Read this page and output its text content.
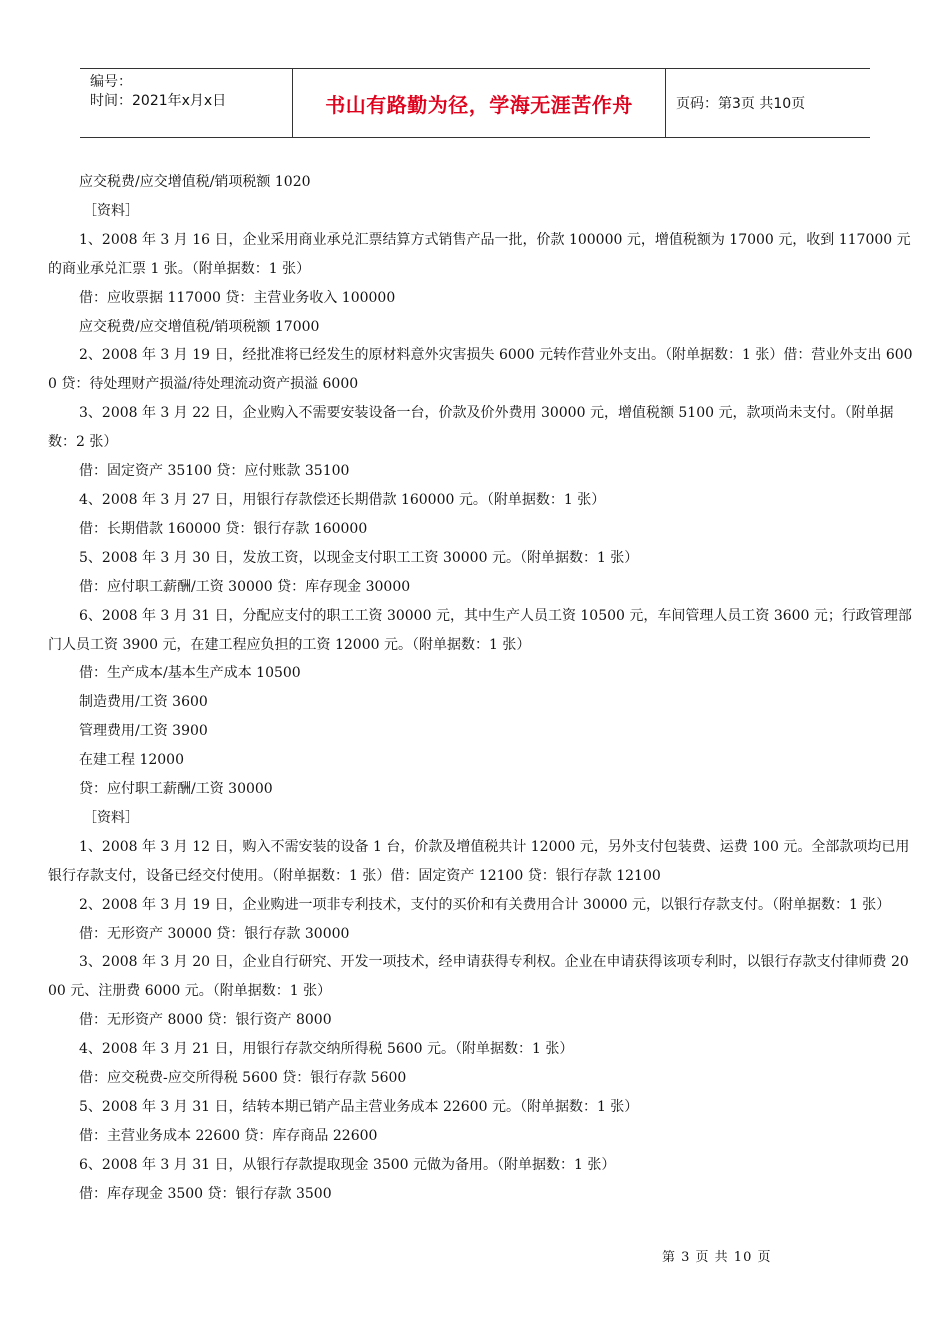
编号：
时间：2021年x月x日	书山有路勤为径，学海无涯苦作舟	页码：第3页 共10页
应交税费/应交增值税/销项税额 1020
［资料］
1、2008 年 3 月 16 日，企业采用商业承兑汇票结算方式销售产品一批，价款 100000 元，增值税额为 17000 元，收到 117000 元的商业承兑汇票 1 张。（附单据数：1 张）
借：应收票据 117000 贷：主营业务收入 100000
应交税费/应交增值税/销项税额 17000
2、2008 年 3 月 19 日，经批准将已经发生的原材料意外灾害损失 6000 元转作营业外支出。（附单据数：1 张）借：营业外支出 6000 贷：待处理财产损溢/待处理流动资产损溢 6000
3、2008 年 3 月 22 日，企业购入不需要安装设备一台，价款及价外费用 30000 元，增值税额 5100 元，款项尚未支付。（附单据数：2 张）
借：固定资产 35100 贷：应付账款 35100
4、2008 年 3 月 27 日，用银行存款偿还长期借款 160000 元。（附单据数：1 张）
借：长期借款 160000 贷：银行存款 160000
5、2008 年 3 月 30 日，发放工资，以现金支付职工工资 30000 元。（附单据数：1 张）
借：应付职工薪酬/工资 30000 贷：库存现金 30000
6、2008 年 3 月 31 日，分配应支付的职工工资 30000 元，其中生产人员工资 10500 元，车间管理人员工资 3600 元；行政管理部门人员工资 3900 元，在建工程应负担的工资 12000 元。（附单据数：1 张）
借：生产成本/基本生产成本 10500
制造费用/工资 3600
管理费用/工资 3900
在建工程 12000
贷：应付职工薪酬/工资 30000
［资料］
1、2008 年 3 月 12 日，购入不需安装的设备 1 台，价款及增值税共计 12000 元，另外支付包装费、运费 100 元。全部款项均已用银行存款支付，设备已经交付使用。（附单据数：1 张）借：固定资产 12100 贷：银行存款 12100
2、2008 年 3 月 19 日，企业购进一项非专利技术，支付的买价和有关费用合计 30000 元，以银行存款支付。（附单据数：1 张）
借：无形资产 30000 贷：银行存款 30000
3、2008 年 3 月 20 日，企业自行研究、开发一项技术，经申请获得专利权。企业在申请获得该项专利时，以银行存款支付律师费 2000 元、注册费 6000 元。（附单据数：1 张）
借：无形资产 8000 贷：银行资产 8000
4、2008 年 3 月 21 日，用银行存款交纳所得税 5600 元。（附单据数：1 张）
借：应交税费-应交所得税 5600 贷：银行存款 5600
5、2008 年 3 月 31 日，结转本期已销产品主营业务成本 22600 元。（附单据数：1 张）
借：主营业务成本 22600 贷：库存商品 22600
6、2008 年 3 月 31 日，从银行存款提取现金 3500 元做为备用。（附单据数：1 张）
借：库存现金 3500 贷：银行存款 3500
第 3 页 共 10 页
